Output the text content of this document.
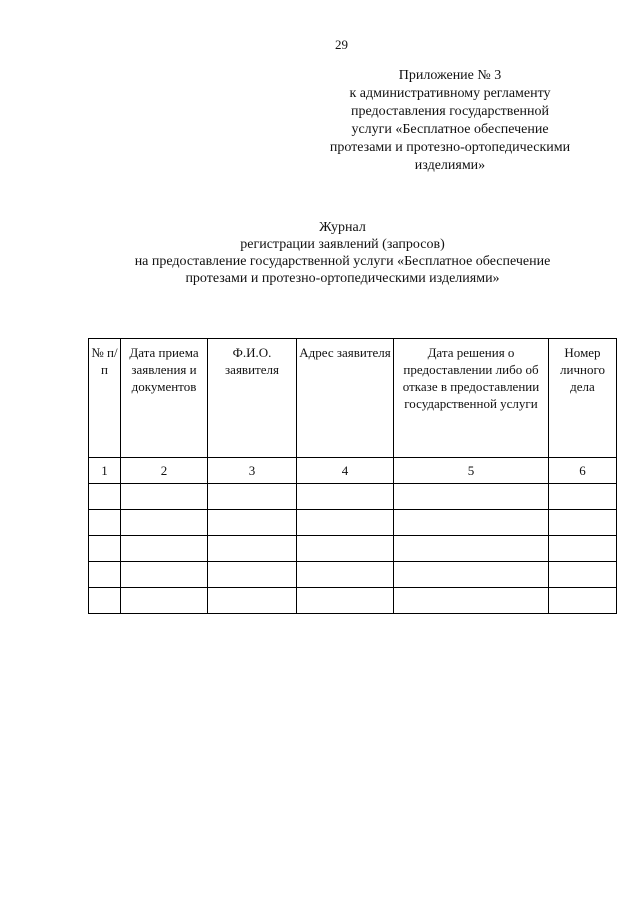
29
Приложение № 3
к административному регламенту
предоставления государственной
услуги «Бесплатное обеспечение
протезами и протезно-ортопедическими
изделиями»
Журнал
регистрации заявлений (запросов)
на предоставление государственной услуги «Бесплатное обеспечение
протезами и протезно-ортопедическими изделиями»
№ п/п	Дата приема заявления и документов	Ф.И.О. заявителя	Адрес заявителя	Дата решения о предоставлении либо об отказе в предоставлении государственной услуги	Номер личного дела
1	2	3	4	5	6
